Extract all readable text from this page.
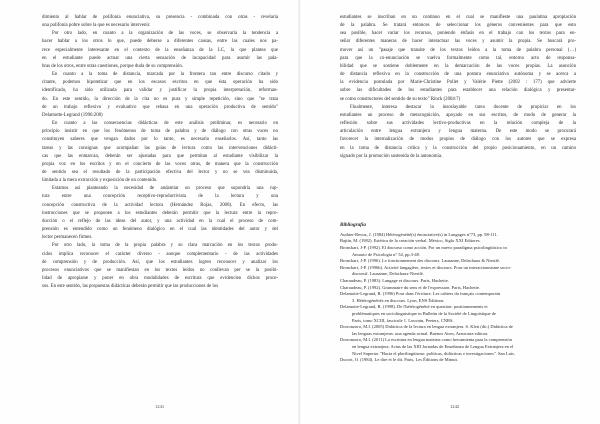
dimiento al hablar de polifonía enunciativa, su presencia - combinada con otras - revelaría

una polifonía pobre sobre la que es necesario intervenir.

Por otro lado, en cuanto a la organización de las voces, se observaría la tendencia a

hacer hablar a los otros lo que, puede deberse a diferentes causas, entre las cuales nos pa-

rece especialmente interesante en el contexto de la enseñanza de la LC, la que plantea que

en el estudiante puede actuar una cierta sensación de incapacidad para asumir las pala-

bras de los otros, entre otras cuestiones, porque duda de su comprensión.

En cuanto a la toma de distancia, marcada por la frontera tan entre discurso citado y

citante, podemos hipotetizar que en los escasos escritos en que ésta operación ha sido

identificada, ha sido utilizada para validar y justificar la propia interpretación, reforman-

do. En este sentido, la dirección de la cita no es pura y simple repetición, sino que "se trata

de un trabajo reflexivo y evaluativo que rebasa en una operación productiva de sentido"

Delamotte-Legrand (1996:208)

En cuanto a las consecuencias didácticas de este análisis preliminar, es necesario en

principio insistir en que los fenómenos de toma de palabra y de diálogo con otras voces no

constituyen saberes que vengan dados por lo tanto, es necesario enseñarlos. Así, tanto las

tareas y las consignas que acompañan las guías de lectura como las intervenciones didácti-

cas que las enmarcan, deberán ser ajustadas para que permitan al estudiante visibilizar la

propia voz en los escritos y en el concierto de las voces otras, de manera que la construcción

de sentido sea el resultado de la participación efectiva del lector y no se vea disminuida,

limitada a la mera extracción y exposición de un contenido.

Estamos así planteando la necesidad de andamiar un proceso que supondría una rup-

tura entre una concepción receptivo-reproductivista de la lectura y una

concepción constructiva de la actividad lectora (Hernández Rojas, 2008). En efecto, las

instrucciones que se proponen a los estudiantes deberán permitir que la lectura entre la repro-

ducción o el reflejo de las ideas del autor, y una actividad en la cual el proceso de com-

prensión es entendido como un fenómeno dialógico en el cual las identidades del autor y del

lector permanecen firmes.

Por otro lado, la toma de la propia palabra y su clara marcación en los textos produ-

cidos implica reconocer el carácter diverso - aunque complementario - de las actividades

de comprensión y de producción. Así, que los estudiantes logren reconocer y analizar los

procesos enunciativos que se manifiestan en los textos leídos no conllevan per se la posibi-

lidad de apropiarse y poner en obra modalidades de escritura que evidencien dichos proce-

sos. En este sentido, las propuestas didácticas deberán permitir que las producciones de los

1241

estudiantes se inscriban en un continuo en el cual se manifieste una paulatina apropiación

de la palabra. Se tratará entonces de seleccionar los géneros convenientes para que esto

sea posible, hacer variar los recursos, poniendo énfasis en el trabajo con los textos para en-

señar diferentes maneras de hacer interactuar las voces y asumir la propia. Se buscará pro-

mover así un "pasaje que transite de los textos leídos a la toma de palabra personal (…)

para que la co-enunciación se vuelva formalmente como tal, entorno acto de responsa-

bilidad que se sostiene doblemente en la demarcación de las voces propias. La asunción

de distancia reflexiva en la construcción de una postura enunciativa autónoma y se acerca a

la evidencia postulada por Marie-Christine Pollet y Valérie Piette (2002 : 177) que advierte

sobre las dificultades de los estudiantes para establecer una relación dialógica y presentar-

se como constructores del sentido de su texto" Rinck (2004:7)

Finalmente, interesa destacar la insoslayable tarea docente de propiciar en los

estudiantes un proceso de metacognición, apoyado en sus escritos, de modo de generar la

reflexión sobre sus actividades lectivo-productivas en la relación compleja de la

articulación entre lengua extranjera y lengua materna. De este modo se procurará

favorecer la internalización de modos propios de diálogo con los autores que se expresa

en la toma de distancia crítica y la construcción del propio posicionamiento, en un camino

signado por la promoción sostenida de la autonomía.

Bibliografía
Authier-Revuz, J. (1984) Hétérogénéité(s) énonciative(s) in Langages n°73, pp. 98-111.
Bajtín, M. (1982). Estética de la creación verbal. México, Siglo XXI Editores.
Bronckart, J-P. (1992). El discurso como acción. Por un nuevo paradigma psicolingüístico in
Anuario de Psicología n° 54, pp.3-48.
Bronckart, J-P. (1996). Le fonctionnement des discours. Lausanne, Delachaux & Niestlé.
Bronckart, J-P. (1996b). Activité langagière, textes et discours. Pour un interactionnisme socio-
discursif. Lausanne, Delachaux-Niestlé.
Charaudeau, P. (1983). Langage et discours. Paris, Hachette.
Charaudeau, P. (1992). Grammaire du sens et de l'expression. Paris, Hachette.
Delamotte-Legrand, R. (1996) Pour dans l'écriture. Les cahiers du français contemporain
3. Hétérogénéités en discours. Lyon, ENS Éditions.
Delamotte-Legrand, R. (1998). De l'hétérogénéité en question: positionnements et
problématiques en sociolinguistique in Bulletin de la Société de Linguistique de
Paris, tomo XCIII, fascicule 1. Louvain, Peeters, CNRS.
Dorronzoro, M.I. (2005) Didáctica de la lectura en lengua extranjera. S. Klett (dir.) Didáctica de
las lenguas extranjeras: una agenda actual. Buenos Aires, Araucaria editora.
Dorronzoro, M.I. (2011) La escritura en lengua materna como herramienta para la comprensión
en lengua extranjera. Actas de las XIII Jornadas de Enseñanza de Lengua Extranjera en el
Nivel Superior "Hacia el plurilingüismo: políticas, didácticas e investigaciones". San Luis.
Ducrot, O. (1984). Le dire et le dit. Paris, Les Éditions de Minuit.
1242
